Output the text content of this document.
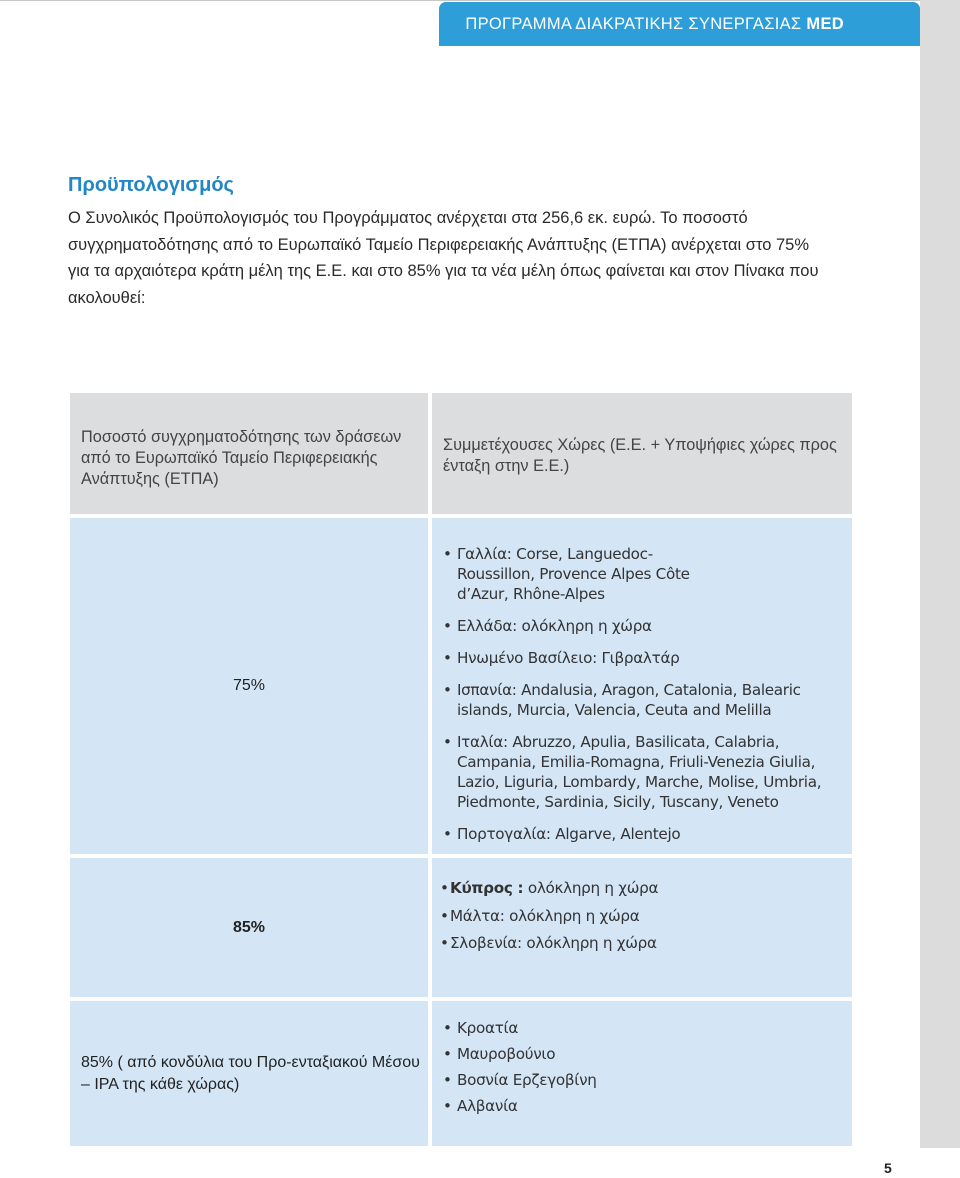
ΠΡΟΓΡΑΜΜΑ ΔΙΑΚΡΑΤΙΚΗΣ ΣΥΝΕΡΓΑΣΙΑΣ MED
Προϋπολογισμός

Ο Συνολικός Προϋπολογισμός του Προγράμματος ανέρχεται στα 256,6 εκ. ευρώ. Το ποσοστό συγχρηματοδότησης από το Ευρωπαϊκό Ταμείο Περιφερειακής Ανάπτυξης (ΕΤΠΑ) ανέρχεται στο 75% για τα αρχαιότερα κράτη μέλη της Ε.Ε. και στο 85% για τα νέα μέλη όπως φαίνεται και στον Πίνακα που ακολουθεί:

Ποσοστό συγχρηματοδότησης των δράσεων από το Ευρωπαϊκό Ταμείο Περιφερειακής Ανάπτυξης (ΕΤΠΑ)
Συμμετέχουσες Χώρες (Ε.Ε. + Υποψήφιες χώρες προς ένταξη στην Ε.Ε.)
75%
• Γαλλία: Corse, Languedoc-Roussillon, Provence Alpes Côte d’Azur, Rhône-Alpes
• Ελλάδα: ολόκληρη η χώρα
• Ηνωμένο Βασίλειο: Γιβραλτάρ
• Ισπανία: Andalusia, Aragon, Catalonia, Balearic islands, Murcia, Valencia, Ceuta and Melilla
• Ιταλία: Abruzzo, Apulia, Basilicata, Calabria, Campania, Emilia-Romagna, Friuli-Venezia Giulia, Lazio, Liguria, Lombardy, Marche, Molise, Umbria, Piedmonte, Sardinia, Sicily, Tuscany, Veneto
• Πορτογαλία: Algarve, Alentejo
85%
• Κύπρος : ολόκληρη η χώρα
• Μάλτα: ολόκληρη η χώρα
• Σλοβενία: ολόκληρη η χώρα
85% ( από κονδύλια του Προ-ενταξιακού Μέσου – IPA της κάθε χώρας)
• Κροατία
• Μαυροβούνιο
• Βοσνία Ερζεγοβίνη
• Αλβανία
5
